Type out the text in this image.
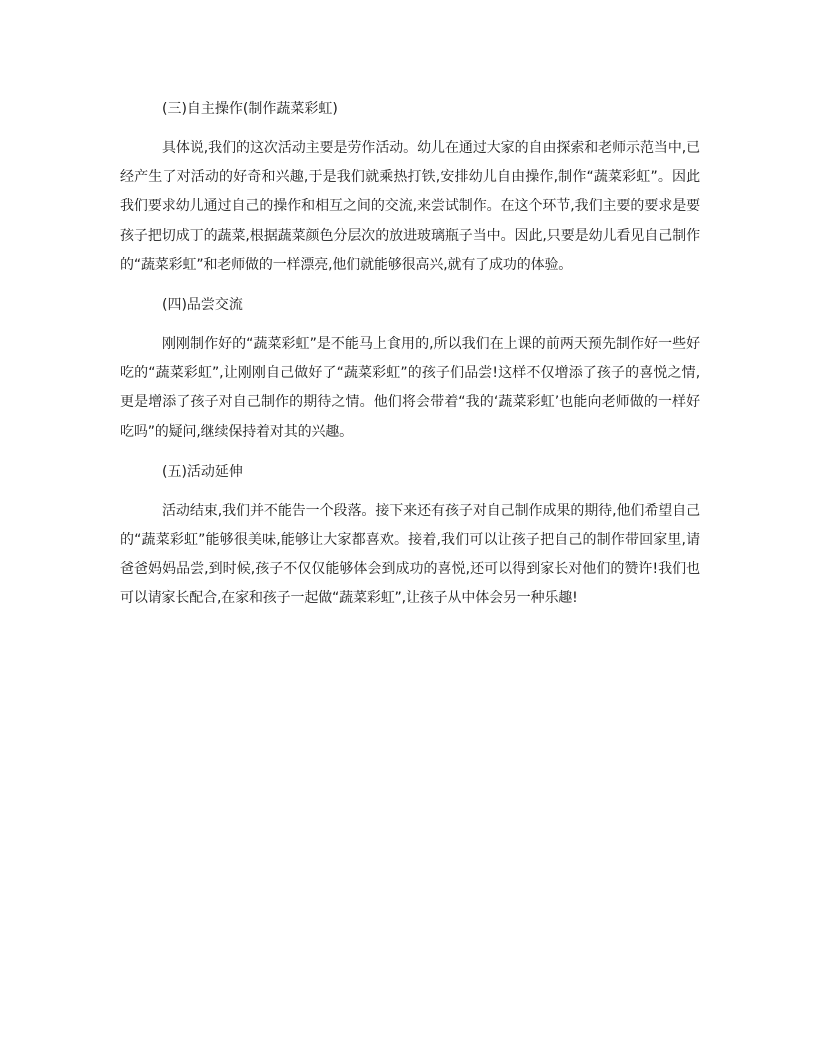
(三)自主操作(制作蔬菜彩虹)
具体说,我们的这次活动主要是劳作活动。幼儿在通过大家的自由探索和老师示范当中,已经产生了对活动的好奇和兴趣,于是我们就乘热打铁,安排幼儿自由操作,制作“蔬菜彩虹”。因此我们要求幼儿通过自己的操作和相互之间的交流,来尝试制作。在这个环节,我们主要的要求是要孩子把切成丁的蔬菜,根据蔬菜颜色分层次的放进玻璃瓶子当中。因此,只要是幼儿看见自己制作的“蔬菜彩虹”和老师做的一样漂亮,他们就能够很高兴,就有了成功的体验。
(四)品尝交流
刚刚制作好的“蔬菜彩虹”是不能马上食用的,所以我们在上课的前两天预先制作好一些好吃的“蔬菜彩虹”,让刚刚自己做好了“蔬菜彩虹”的孩子们品尝!这样不仅增添了孩子的喜悦之情,更是增添了孩子对自己制作的期待之情。他们将会带着“我的‘蔬菜彩虹’也能向老师做的一样好吃吗”的疑问,继续保持着对其的兴趣。
(五)活动延伸
活动结束,我们并不能告一个段落。接下来还有孩子对自己制作成果的期待,他们希望自己的“蔬菜彩虹”能够很美味,能够让大家都喜欢。接着,我们可以让孩子把自己的制作带回家里,请爸爸妈妈品尝,到时候,孩子不仅仅能够体会到成功的喜悦,还可以得到家长对他们的赞许!我们也可以请家长配合,在家和孩子一起做“蔬菜彩虹”,让孩子从中体会另一种乐趣!
